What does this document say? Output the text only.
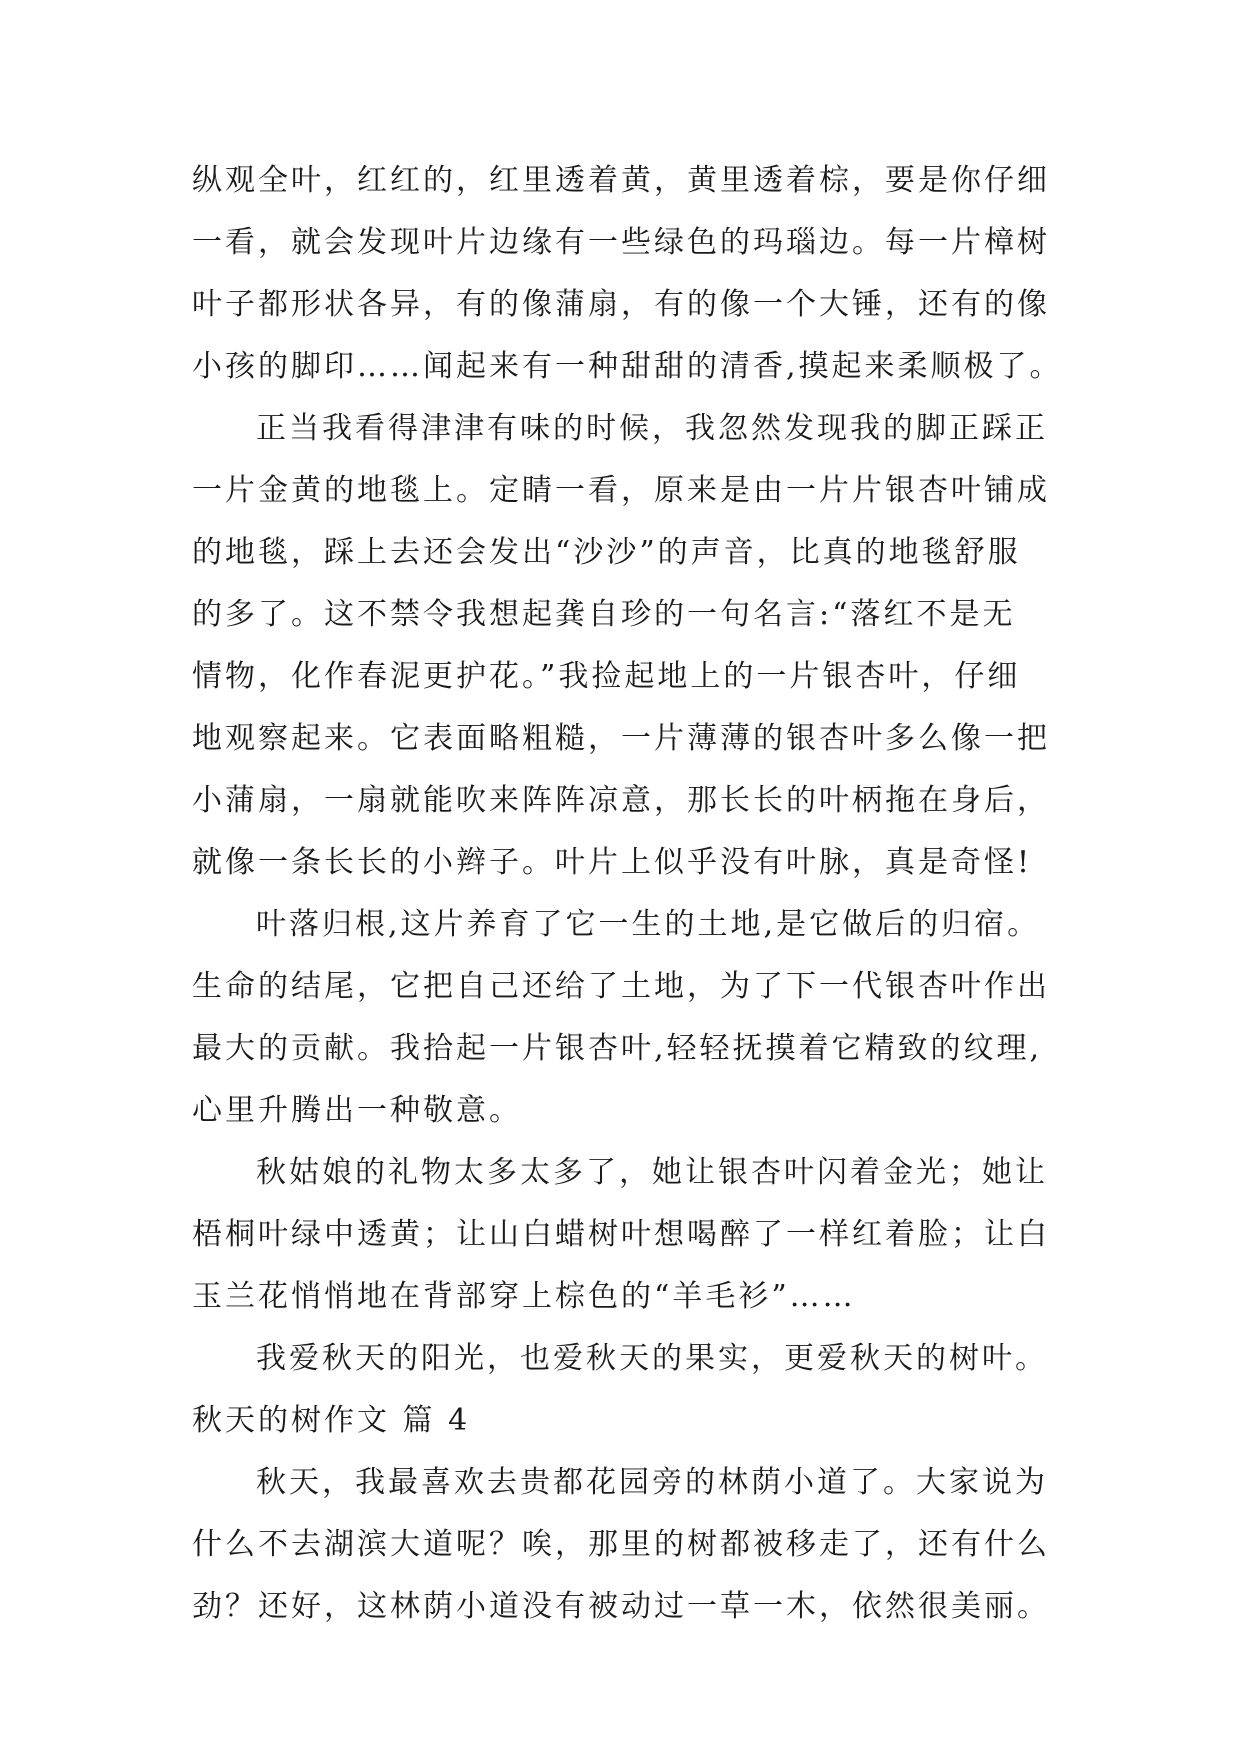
纵观全叶，红红的，红里透着黄，黄里透着棕，要是你仔细
一看，就会发现叶片边缘有一些绿色的玛瑙边。每一片樟树
叶子都形状各异，有的像蒲扇，有的像一个大锤，还有的像
小孩的脚印……闻起来有一种甜甜的清香,摸起来柔顺极了。
正当我看得津津有味的时候，我忽然发现我的脚正踩正
一片金黄的地毯上。定睛一看，原来是由一片片银杏叶铺成
的地毯，踩上去还会发出“沙沙”的声音，比真的地毯舒服
的多了。这不禁令我想起龚自珍的一句名言:“落红不是无
情物，化作春泥更护花。”我捡起地上的一片银杏叶，仔细
地观察起来。它表面略粗糙，一片薄薄的银杏叶多么像一把
小蒲扇，一扇就能吹来阵阵凉意，那长长的叶柄拖在身后，
就像一条长长的小辫子。叶片上似乎没有叶脉，真是奇怪!
叶落归根,这片养育了它一生的土地,是它做后的归宿。
生命的结尾，它把自己还给了土地，为了下一代银杏叶作出
最大的贡献。我拾起一片银杏叶,轻轻抚摸着它精致的纹理,
心里升腾出一种敬意。
秋姑娘的礼物太多太多了，她让银杏叶闪着金光；她让
梧桐叶绿中透黄；让山白蜡树叶想喝醉了一样红着脸；让白
玉兰花悄悄地在背部穿上棕色的“羊毛衫”……
我爱秋天的阳光，也爱秋天的果实，更爱秋天的树叶。
秋天的树作文 篇 4
秋天，我最喜欢去贵都花园旁的林荫小道了。大家说为
什么不去湖滨大道呢？唉，那里的树都被移走了，还有什么
劲？还好，这林荫小道没有被动过一草一木，依然很美丽。
